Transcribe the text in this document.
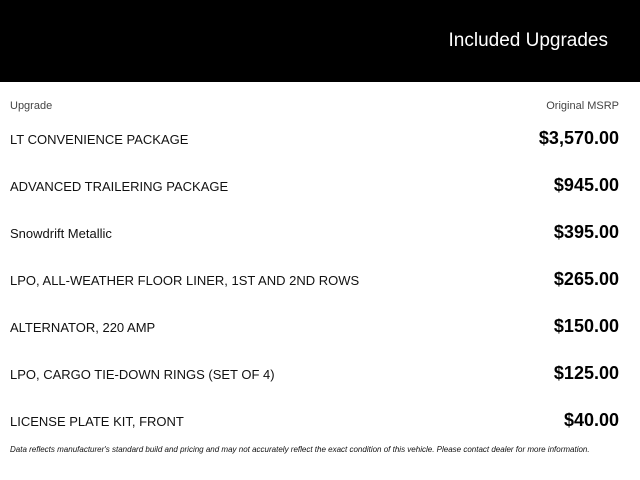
Included Upgrades
Upgrade	Original MSRP
LT CONVENIENCE PACKAGE	$3,570.00
ADVANCED TRAILERING PACKAGE	$945.00
Snowdrift Metallic	$395.00
LPO, ALL-WEATHER FLOOR LINER, 1ST AND 2ND ROWS	$265.00
ALTERNATOR, 220 AMP	$150.00
LPO, CARGO TIE-DOWN RINGS (SET OF 4)	$125.00
LICENSE PLATE KIT, FRONT	$40.00
Data reflects manufacturer's standard build and pricing and may not accurately reflect the exact condition of this vehicle. Please contact dealer for more information.
